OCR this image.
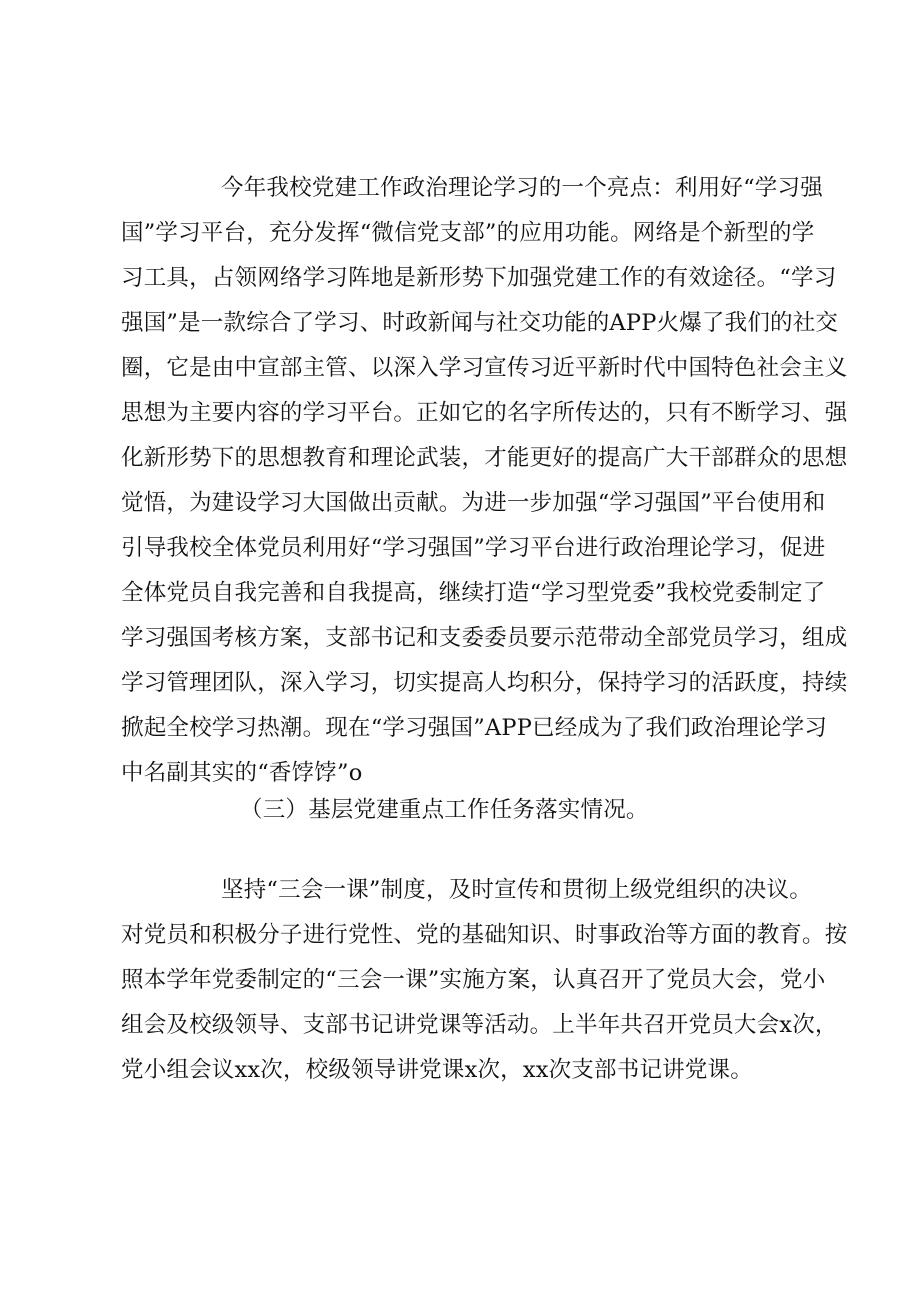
今年我校党建工作政治理论学习的一个亮点：利用好“学习强
国”学习平台，充分发挥“微信党支部”的应用功能。网络是个新型的学
习工具，占领网络学习阵地是新形势下加强党建工作的有效途径。“学习
强国”是一款综合了学习、时政新闻与社交功能的APP火爆了我们的社交
圈，它是由中宣部主管、以深入学习宣传习近平新时代中国特色社会主义
思想为主要内容的学习平台。正如它的名字所传达的，只有不断学习、强
化新形势下的思想教育和理论武装，才能更好的提高广大干部群众的思想
觉悟，为建设学习大国做出贡献。为进一步加强“学习强国”平台使用和
引导我校全体党员利用好“学习强国”学习平台进行政治理论学习，促进
全体党员自我完善和自我提高，继续打造“学习型党委”我校党委制定了
学习强国考核方案，支部书记和支委委员要示范带动全部党员学习，组成
学习管理团队，深入学习，切实提高人均积分，保持学习的活跃度，持续
掀起全校学习热潮。现在“学习强国”APP已经成为了我们政治理论学习
中名副其实的“香饽饽”o
（三）基层党建重点工作任务落实情况。
坚持“三会一课”制度，及时宣传和贯彻上级党组织的决议。
对党员和积极分子进行党性、党的基础知识、时事政治等方面的教育。按
照本学年党委制定的“三会一课”实施方案，认真召开了党员大会，党小
组会及校级领导、支部书记讲党课等活动。上半年共召开党员大会x次，
党小组会议xx次，校级领导讲党课x次，xx次支部书记讲党课。
